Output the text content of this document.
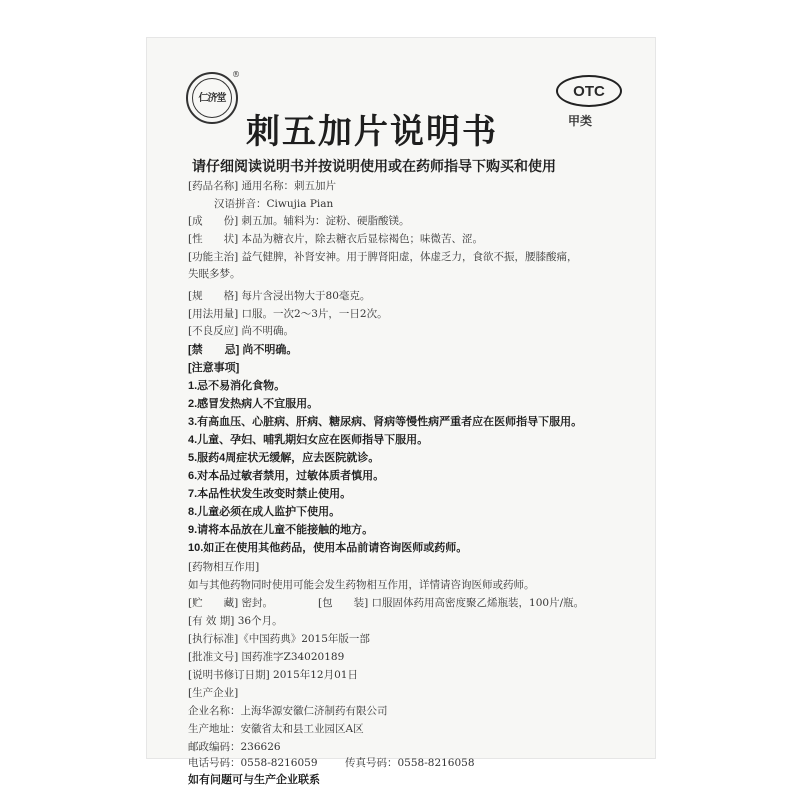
仁济堂
®
OTC
甲类
刺五加片说明书
请仔细阅读说明书并按说明使用或在药师指导下购买和使用
[药品名称] 通用名称：刺五加片
汉语拼音：Ciwujia Pian
[成　　份] 刺五加。辅料为：淀粉、硬脂酸镁。
[性　　状] 本品为糖衣片，除去糖衣后显棕褐色；味微苦、涩。
[功能主治] 益气健脾，补肾安神。用于脾肾阳虚，体虚乏力，食欲不振，腰膝酸痛，
失眠多梦。
[规　　格] 每片含浸出物大于80毫克。
[用法用量] 口服。一次2～3片，一日2次。
[不良反应] 尚不明确。
[禁　　忌] 尚不明确。
[注意事项]
1.忌不易消化食物。
2.感冒发热病人不宜服用。
3.有高血压、心脏病、肝病、糖尿病、肾病等慢性病严重者应在医师指导下服用。
4.儿童、孕妇、哺乳期妇女应在医师指导下服用。
5.服药4周症状无缓解，应去医院就诊。
6.对本品过敏者禁用，过敏体质者慎用。
7.本品性状发生改变时禁止使用。
8.儿童必须在成人监护下使用。
9.请将本品放在儿童不能接触的地方。
10.如正在使用其他药品，使用本品前请咨询医师或药师。
[药物相互作用]
如与其他药物同时使用可能会发生药物相互作用，详情请咨询医师或药师。
[贮　　藏] 密封。	[包　　装] 口服固体药用高密度聚乙烯瓶装，100片/瓶。
[有 效 期] 36个月。
[执行标准]《中国药典》2015年版一部
[批准文号] 国药准字Z34020189
[说明书修订日期] 2015年12月01日
[生产企业]
企业名称：上海华源安徽仁济制药有限公司
生产地址：安徽省太和县工业园区A区
邮政编码：236626
电话号码：0558-8216059	传真号码：0558-8216058
如有问题可与生产企业联系
